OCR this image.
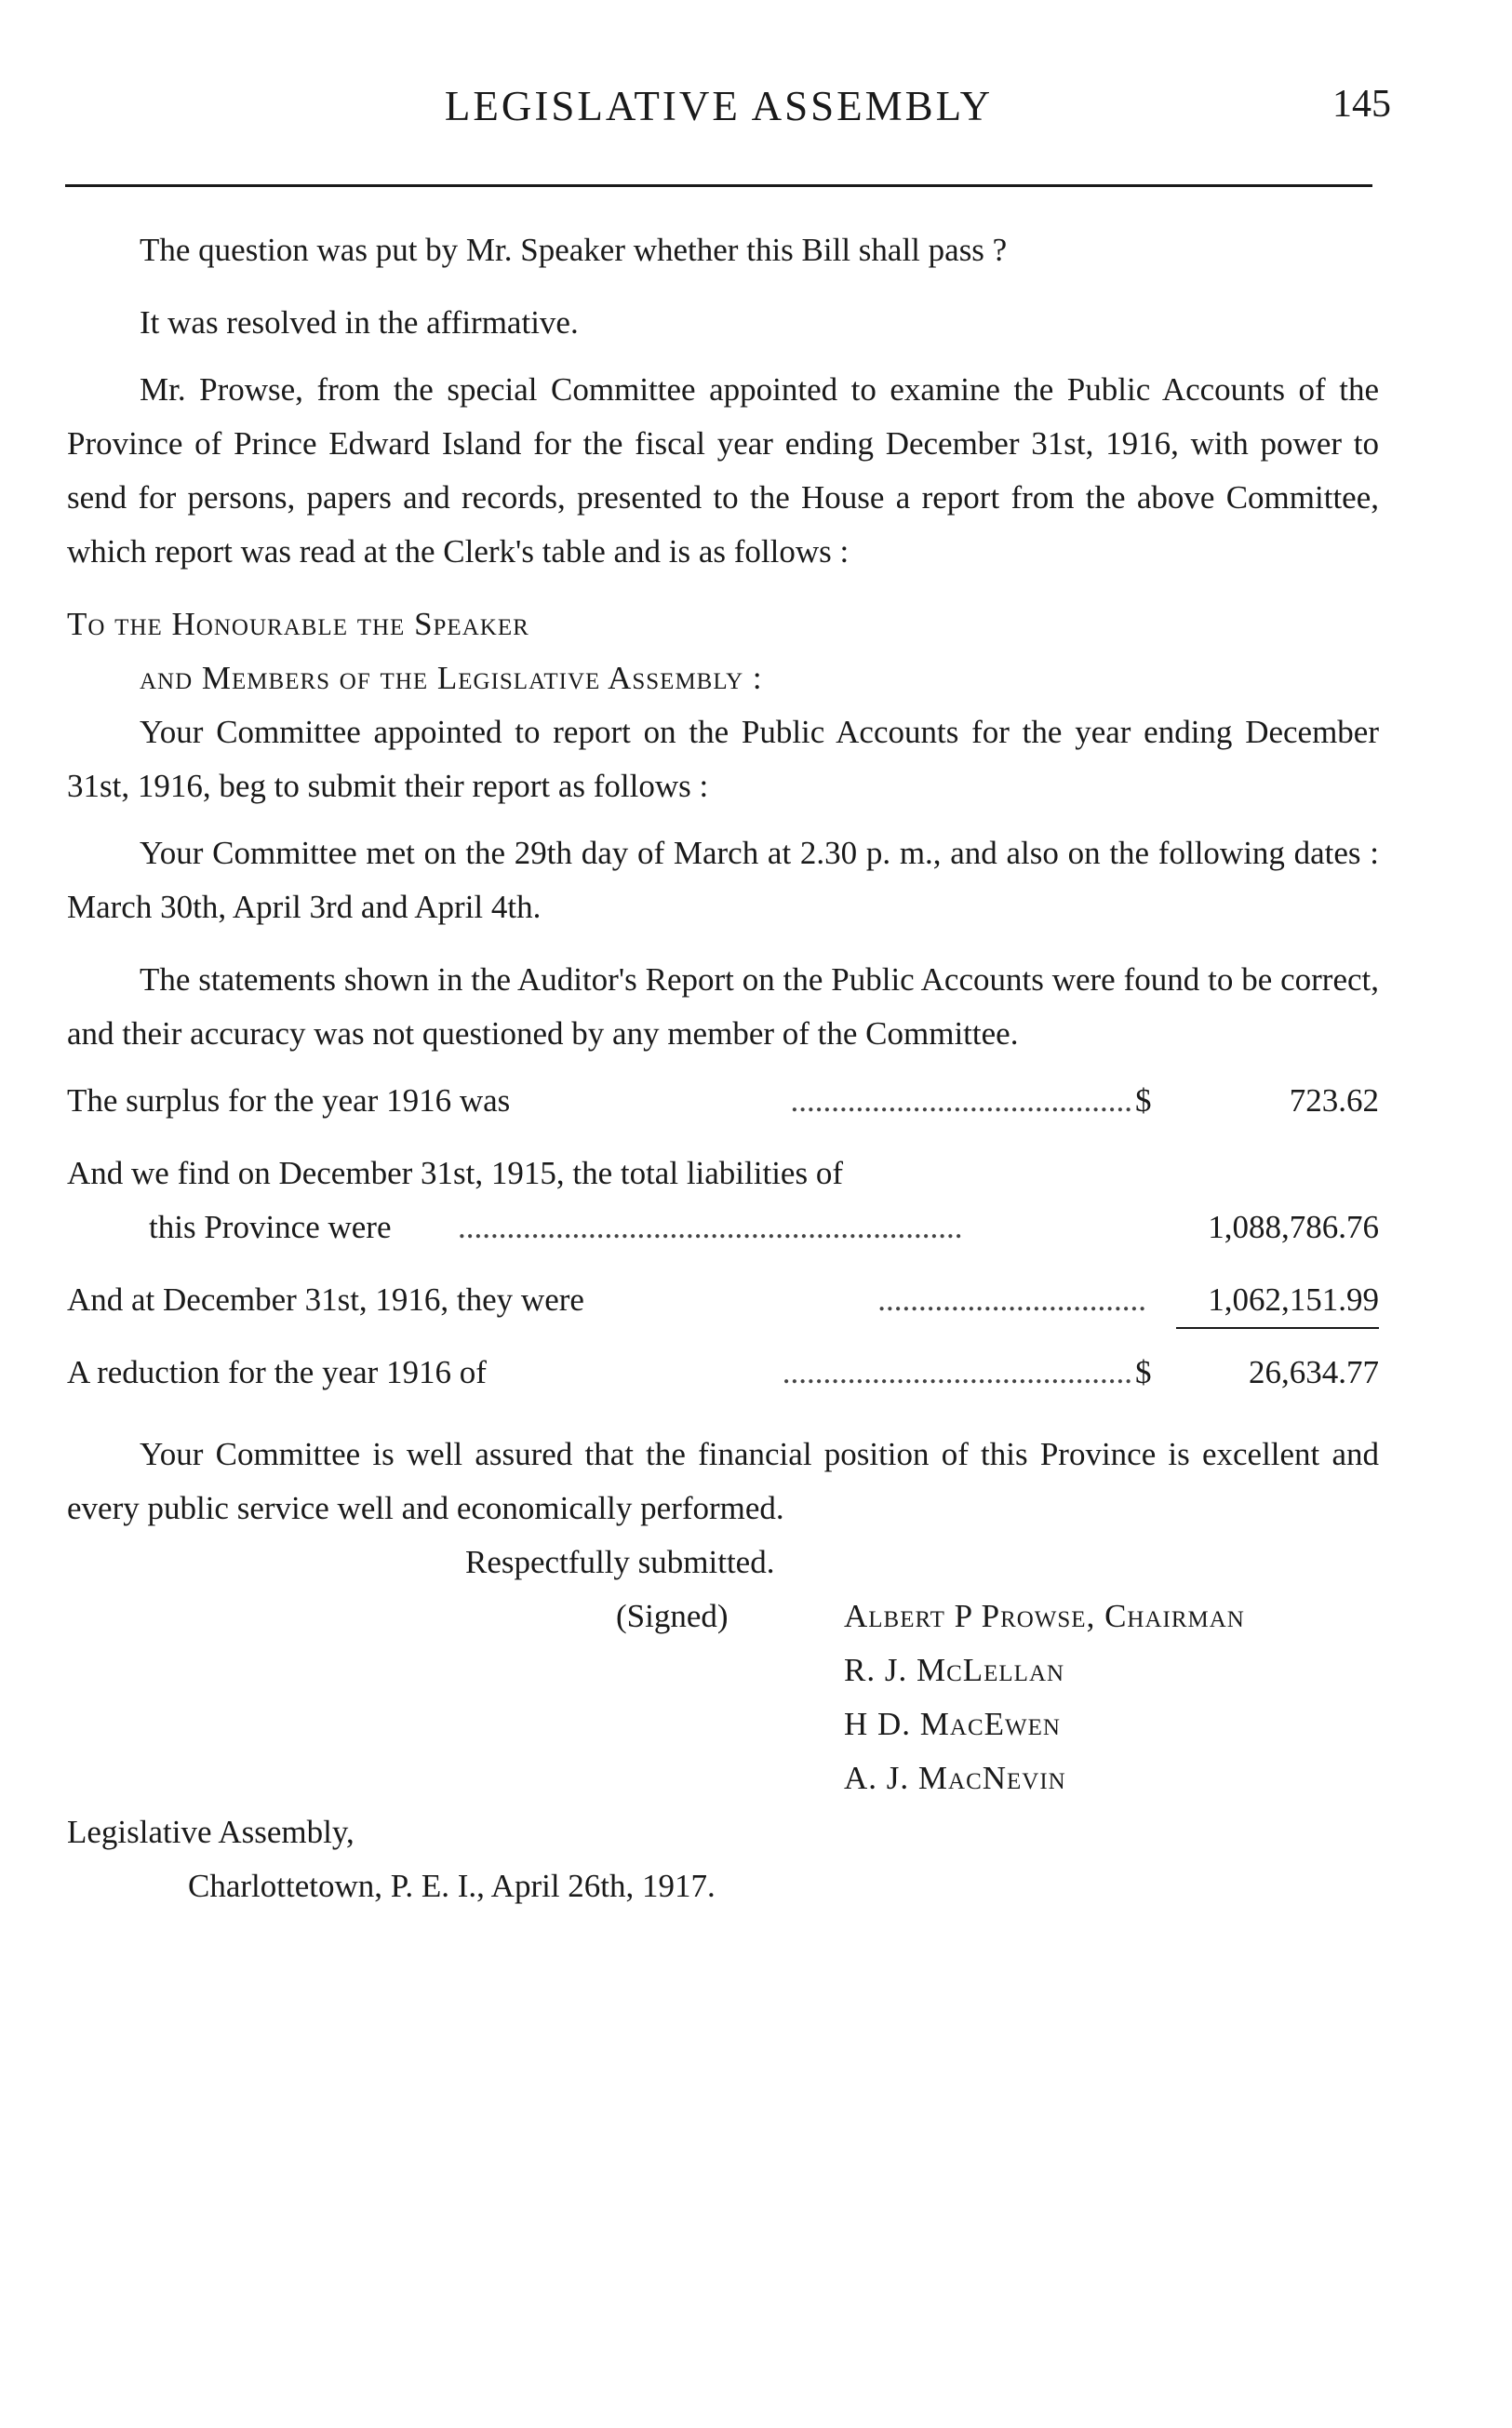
LEGISLATIVE ASSEMBLY	145

The question was put by Mr. Speaker whether this Bill shall pass ?

It was resolved in the affirmative.

Mr. Prowse, from the special Committee appointed to examine the Public Accounts of the Province of Prince Edward Island for the fiscal year ending December 31st, 1916, with power to send for persons, papers and records, presented to the House a report from the above Committee, which report was read at the Clerk's table and is as follows :

To the Honourable the Speaker
and Members of the Legislative Assembly :

Your Committee appointed to report on the Public Accounts for the year ending December 31st, 1916, beg to submit their report as follows :

Your Committee met on the 29th day of March at 2.30 p. m., and also on the following dates : March 30th, April 3rd and April 4th.

The statements shown in the Auditor's Report on the Public Accounts were found to be correct, and their accuracy was not questioned by any member of the Committee.

The surplus for the year 1916 was	.......................................... $	723.62
And we find on December 31st, 1915, the total liabilities of
this Province were ..............................................................	1,088,786.76
And at December 31st, 1916, they were	................................. 1,062,151.99
A reduction for the year 1916 of	........................................... $	26,634.77

Your Committee is well assured that the financial position of this Province is excellent and every public service well and economically performed.

Respectfully submitted.
(Signed)	Albert P Prowse, Chairman
R. J. McLellan
H D. MacEwen
A. J. MacNevin
Legislative Assembly,
Charlottetown, P. E. I., April 26th, 1917.
